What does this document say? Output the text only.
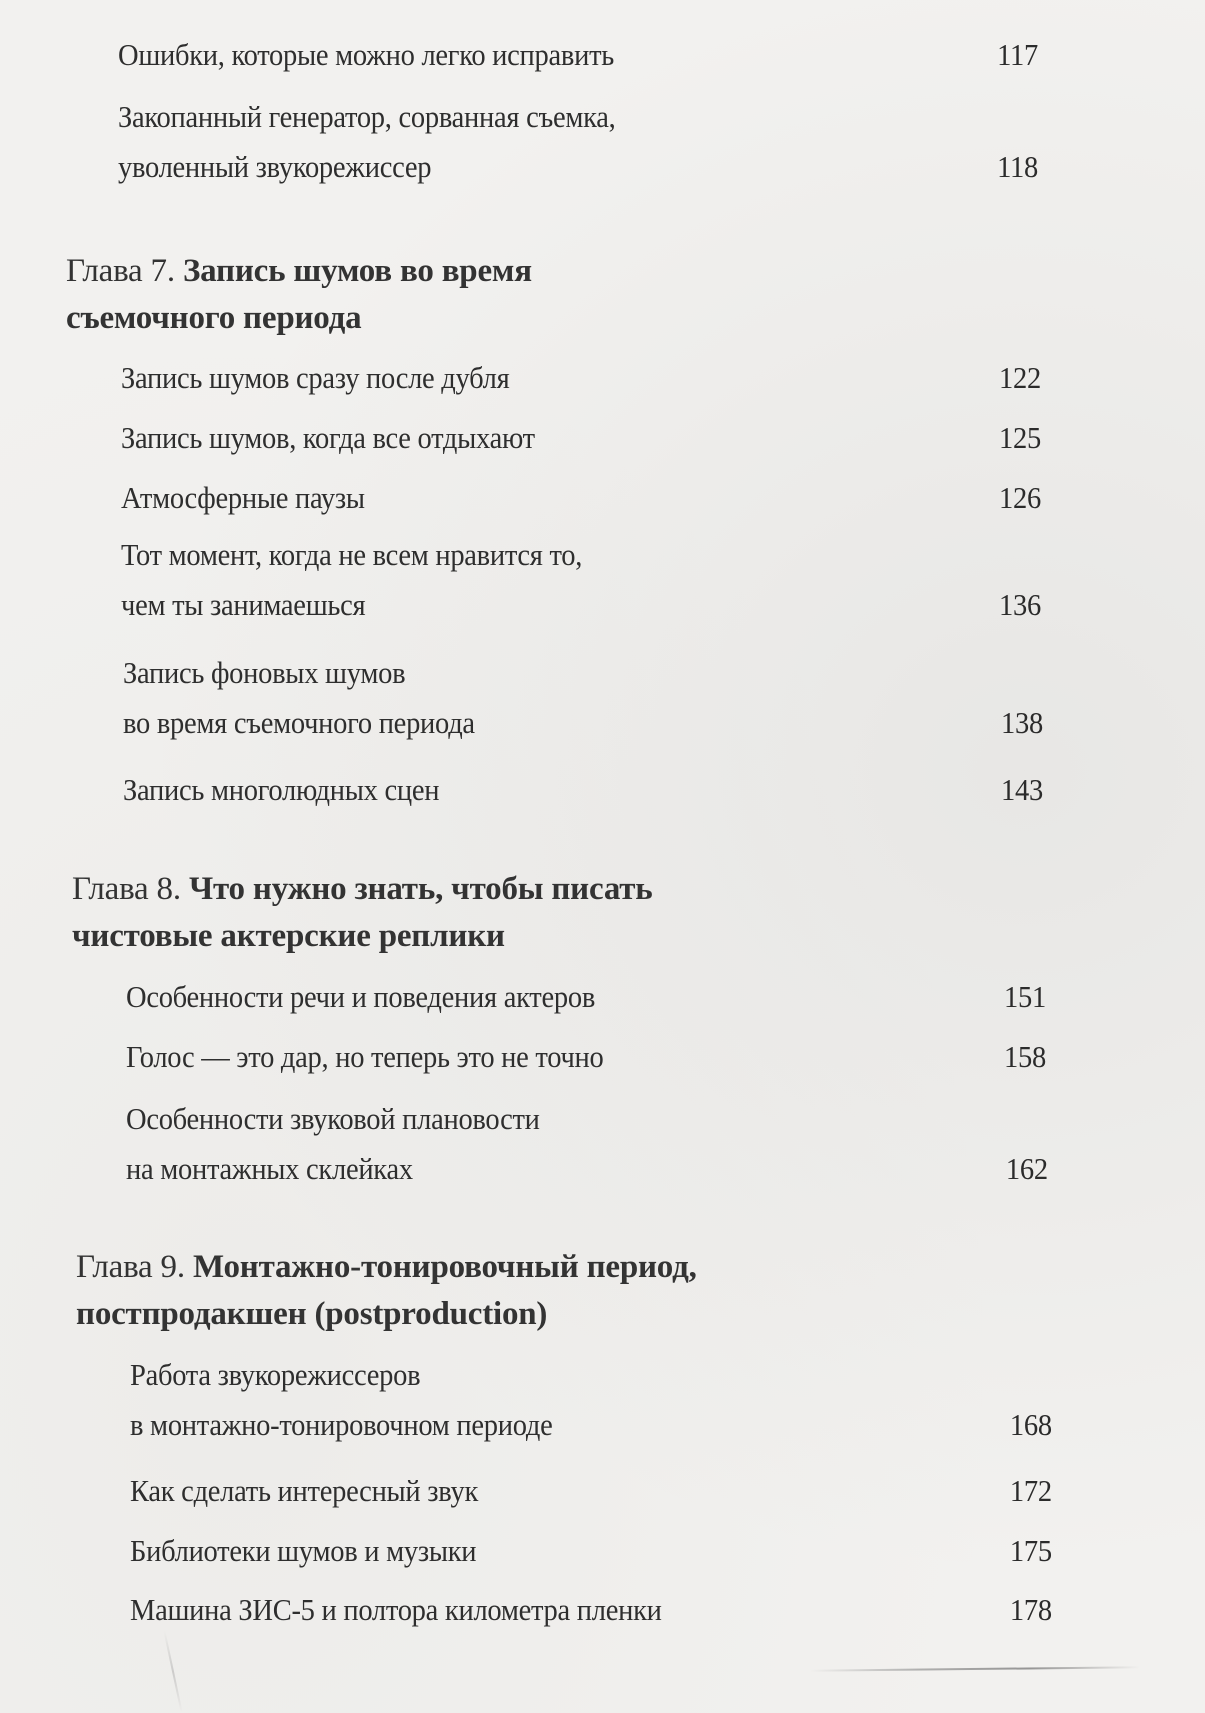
Ошибки, которые можно легко исправить .....	117
Закопанный генератор, сорванная съемка,
уволенный звукорежиссер .....	118
Глава 7. Запись шумов во время
съемочного периода
Запись шумов сразу после дубля .....	122
Запись шумов, когда все отдыхают .....	125
Атмосферные паузы .....	126
Тот момент, когда не всем нравится то,
чем ты занимаешься .....	136
Запись фоновых шумов
во время съемочного периода .....	138
Запись многолюдных сцен .....	143
Глава 8. Что нужно знать, чтобы писать
чистовые актерские реплики
Особенности речи и поведения актеров .....	151
Голос — это дар, но теперь это не точно .....	158
Особенности звуковой плановости
на монтажных склейках .....	162
Глава 9. Монтажно-тонировочный период,
постпродакшен (postproduction)
Работа звукорежиссеров
в монтажно-тонировочном периоде .....	168
Как сделать интересный звук .....	172
Библиотеки шумов и музыки .....	175
Машина ЗИС-5 и полтора километра пленки .....	178
